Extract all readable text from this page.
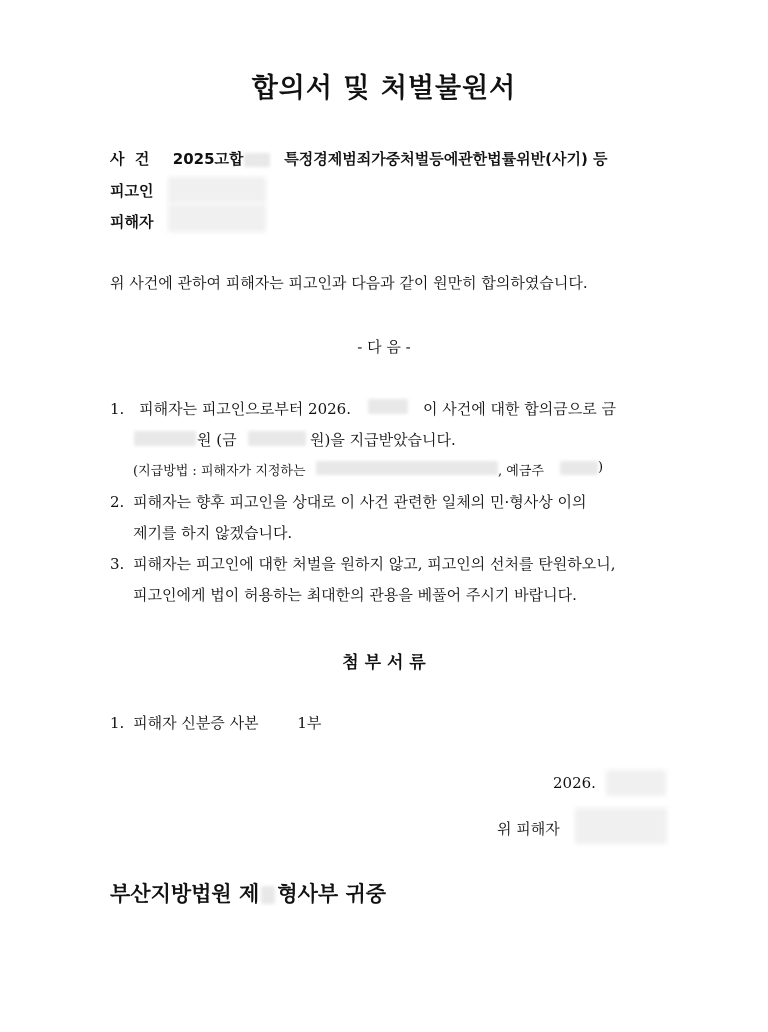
합의서 및 처벌불원서
사  건 2025고합	특정경제범죄가중처벌등에관한법률위반(사기) 등
피고인
피해자
위 사건에 관하여 피해자는 피고인과 다음과 같이 원만히 합의하였습니다.
- 다 음 -
1. 피해자는 피고인으로부터 2026.	이 사건에 대한 합의금으로 금
원 (금	원)을 지급받았습니다.
(지급방법 : 피해자가 지정하는	, 예금주	)
2. 피해자는 향후 피고인을 상대로 이 사건 관련한 일체의 민·형사상 이의
제기를 하지 않겠습니다.
3. 피해자는 피고인에 대한 처벌을 원하지 않고, 피고인의 선처를 탄원하오니,
피고인에게 법이 허용하는 최대한의 관용을 베풀어 주시기 바랍니다.
첨 부 서 류
1. 피해자 신분증 사본	1부
2026.
위 피해자
부산지방법원 제 형사부 귀중
